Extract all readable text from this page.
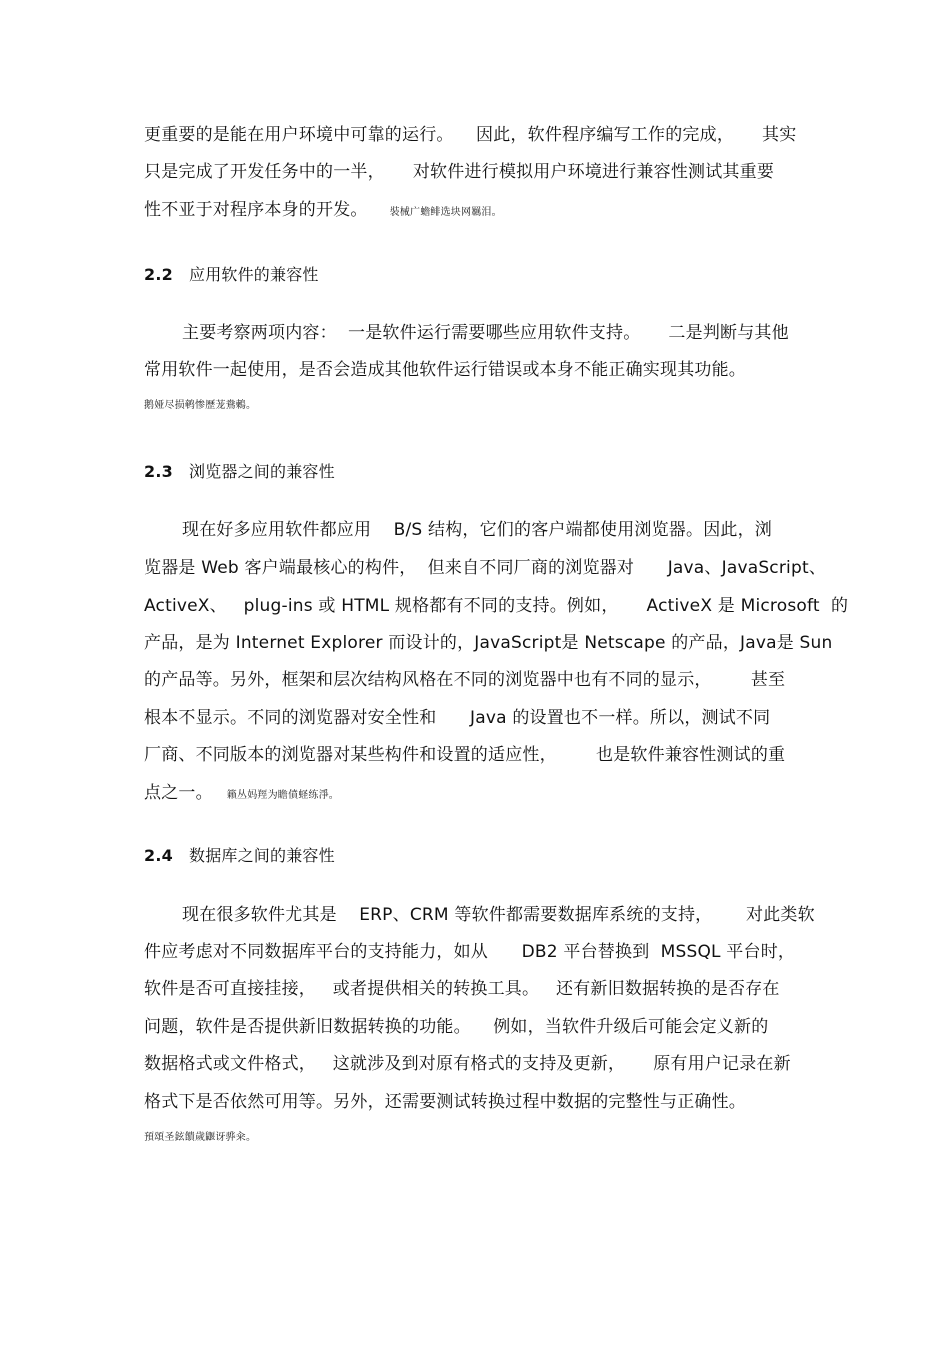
更重要的是能在用户环境中可靠的运行。    因此，软件程序编写工作的完成，     其实
只是完成了开发任务中的一半，     对软件进行模拟用户环境进行兼容性测试其重要
性不亚于对程序本身的开发。 裝械广蟾鲱选块网羈泪。
2.2 应用软件的兼容性
主要考察两项内容：  一是软件运行需要哪些应用软件支持。     二是判断与其他
常用软件一起使用，是否会造成其他软件运行错误或本身不能正确实现其功能。
鹅娅尽损鹌惨歷茏鴦鶫。
2.3 浏览器之间的兼容性
现在好多应用软件都应用    B/S 结构，它们的客户端都使用浏览器。因此，浏
览器是 Web 客户端最核心的构件，  但来自不同厂商的浏览器对      Java、JavaScript、
ActiveX、   plug-ins 或 HTML 规格都有不同的支持。例如，     ActiveX 是 Microsoft  的
产品，是为 Internet Explorer 而设计的，JavaScript是 Netscape 的产品，Java是 Sun
的产品等。另外，框架和层次结构风格在不同的浏览器中也有不同的显示，       甚至
根本不显示。不同的浏览器对安全性和      Java 的设置也不一样。所以，测试不同
厂商、不同版本的浏览器对某些构件和设置的适应性，       也是软件兼容性测试的重
点之一。 籟丛妈羥为瞻僨蛏练淨。
2.4 数据库之间的兼容性
现在很多软件尤其是    ERP、CRM 等软件都需要数据库系统的支持，      对此类软
件应考虑对不同数据库平台的支持能力，如从      DB2 平台替换到  MSSQL 平台时，
软件是否可直接挂接，   或者提供相关的转换工具。   还有新旧数据转换的是否存在
问题，软件是否提供新旧数据转换的功能。    例如，当软件升级后可能会定义新的
数据格式或文件格式，   这就涉及到对原有格式的支持及更新，     原有用户记录在新
格式下是否依然可用等。另外，还需要测试转换过程中数据的完整性与正确性。
預頌圣鉉饋歲鼴讶骅籴。
